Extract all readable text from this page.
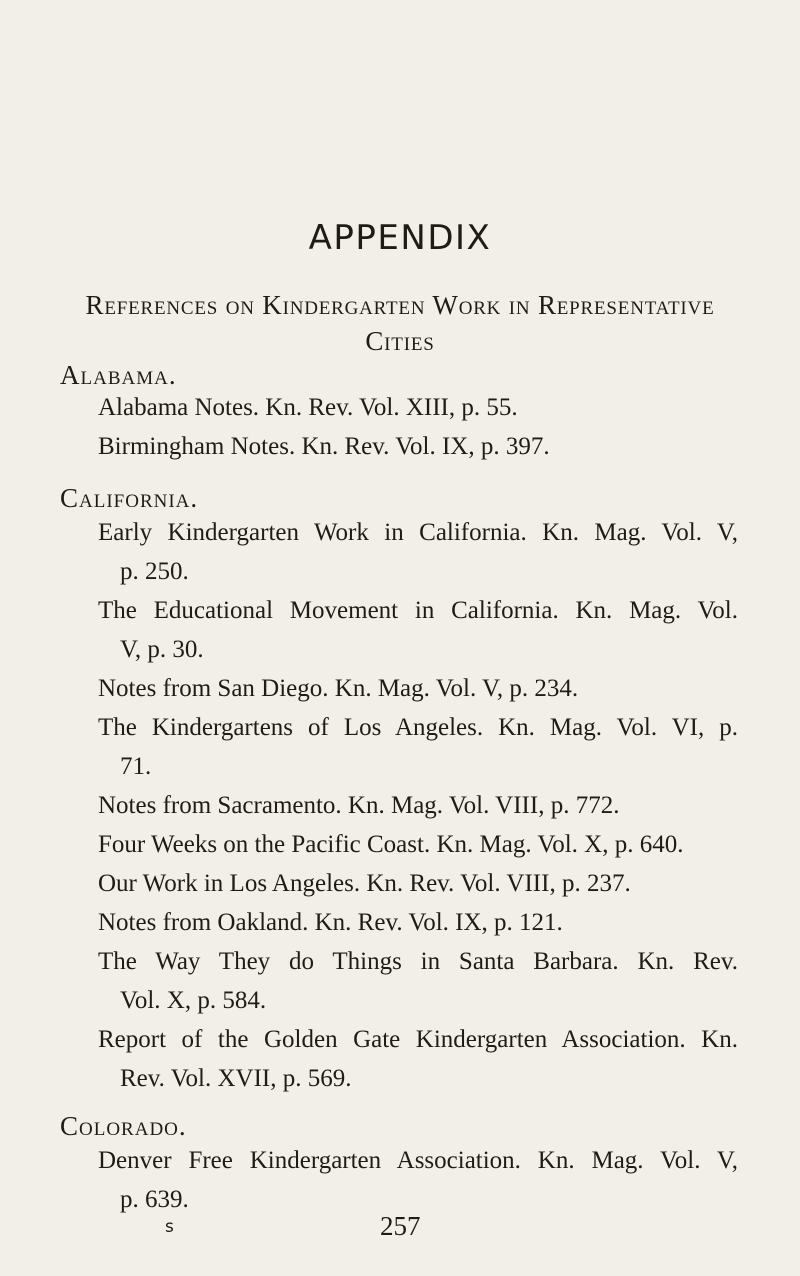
APPENDIX
References on Kindergarten Work in Representative
Cities
Alabama.
Alabama Notes. Kn. Rev. Vol. XIII, p. 55.
Birmingham Notes. Kn. Rev. Vol. IX, p. 397.
California.
Early Kindergarten Work in California. Kn. Mag. Vol. V,
p. 250.
The Educational Movement in California. Kn. Mag. Vol.
V, p. 30.
Notes from San Diego. Kn. Mag. Vol. V, p. 234.
The Kindergartens of Los Angeles. Kn. Mag. Vol. VI, p.
71.
Notes from Sacramento. Kn. Mag. Vol. VIII, p. 772.
Four Weeks on the Pacific Coast. Kn. Mag. Vol. X, p. 640.
Our Work in Los Angeles. Kn. Rev. Vol. VIII, p. 237.
Notes from Oakland. Kn. Rev. Vol. IX, p. 121.
The Way They do Things in Santa Barbara. Kn. Rev.
Vol. X, p. 584.
Report of the Golden Gate Kindergarten Association. Kn.
Rev. Vol. XVII, p. 569.
Colorado.
Denver Free Kindergarten Association. Kn. Mag. Vol. V,
p. 639.
s	257
